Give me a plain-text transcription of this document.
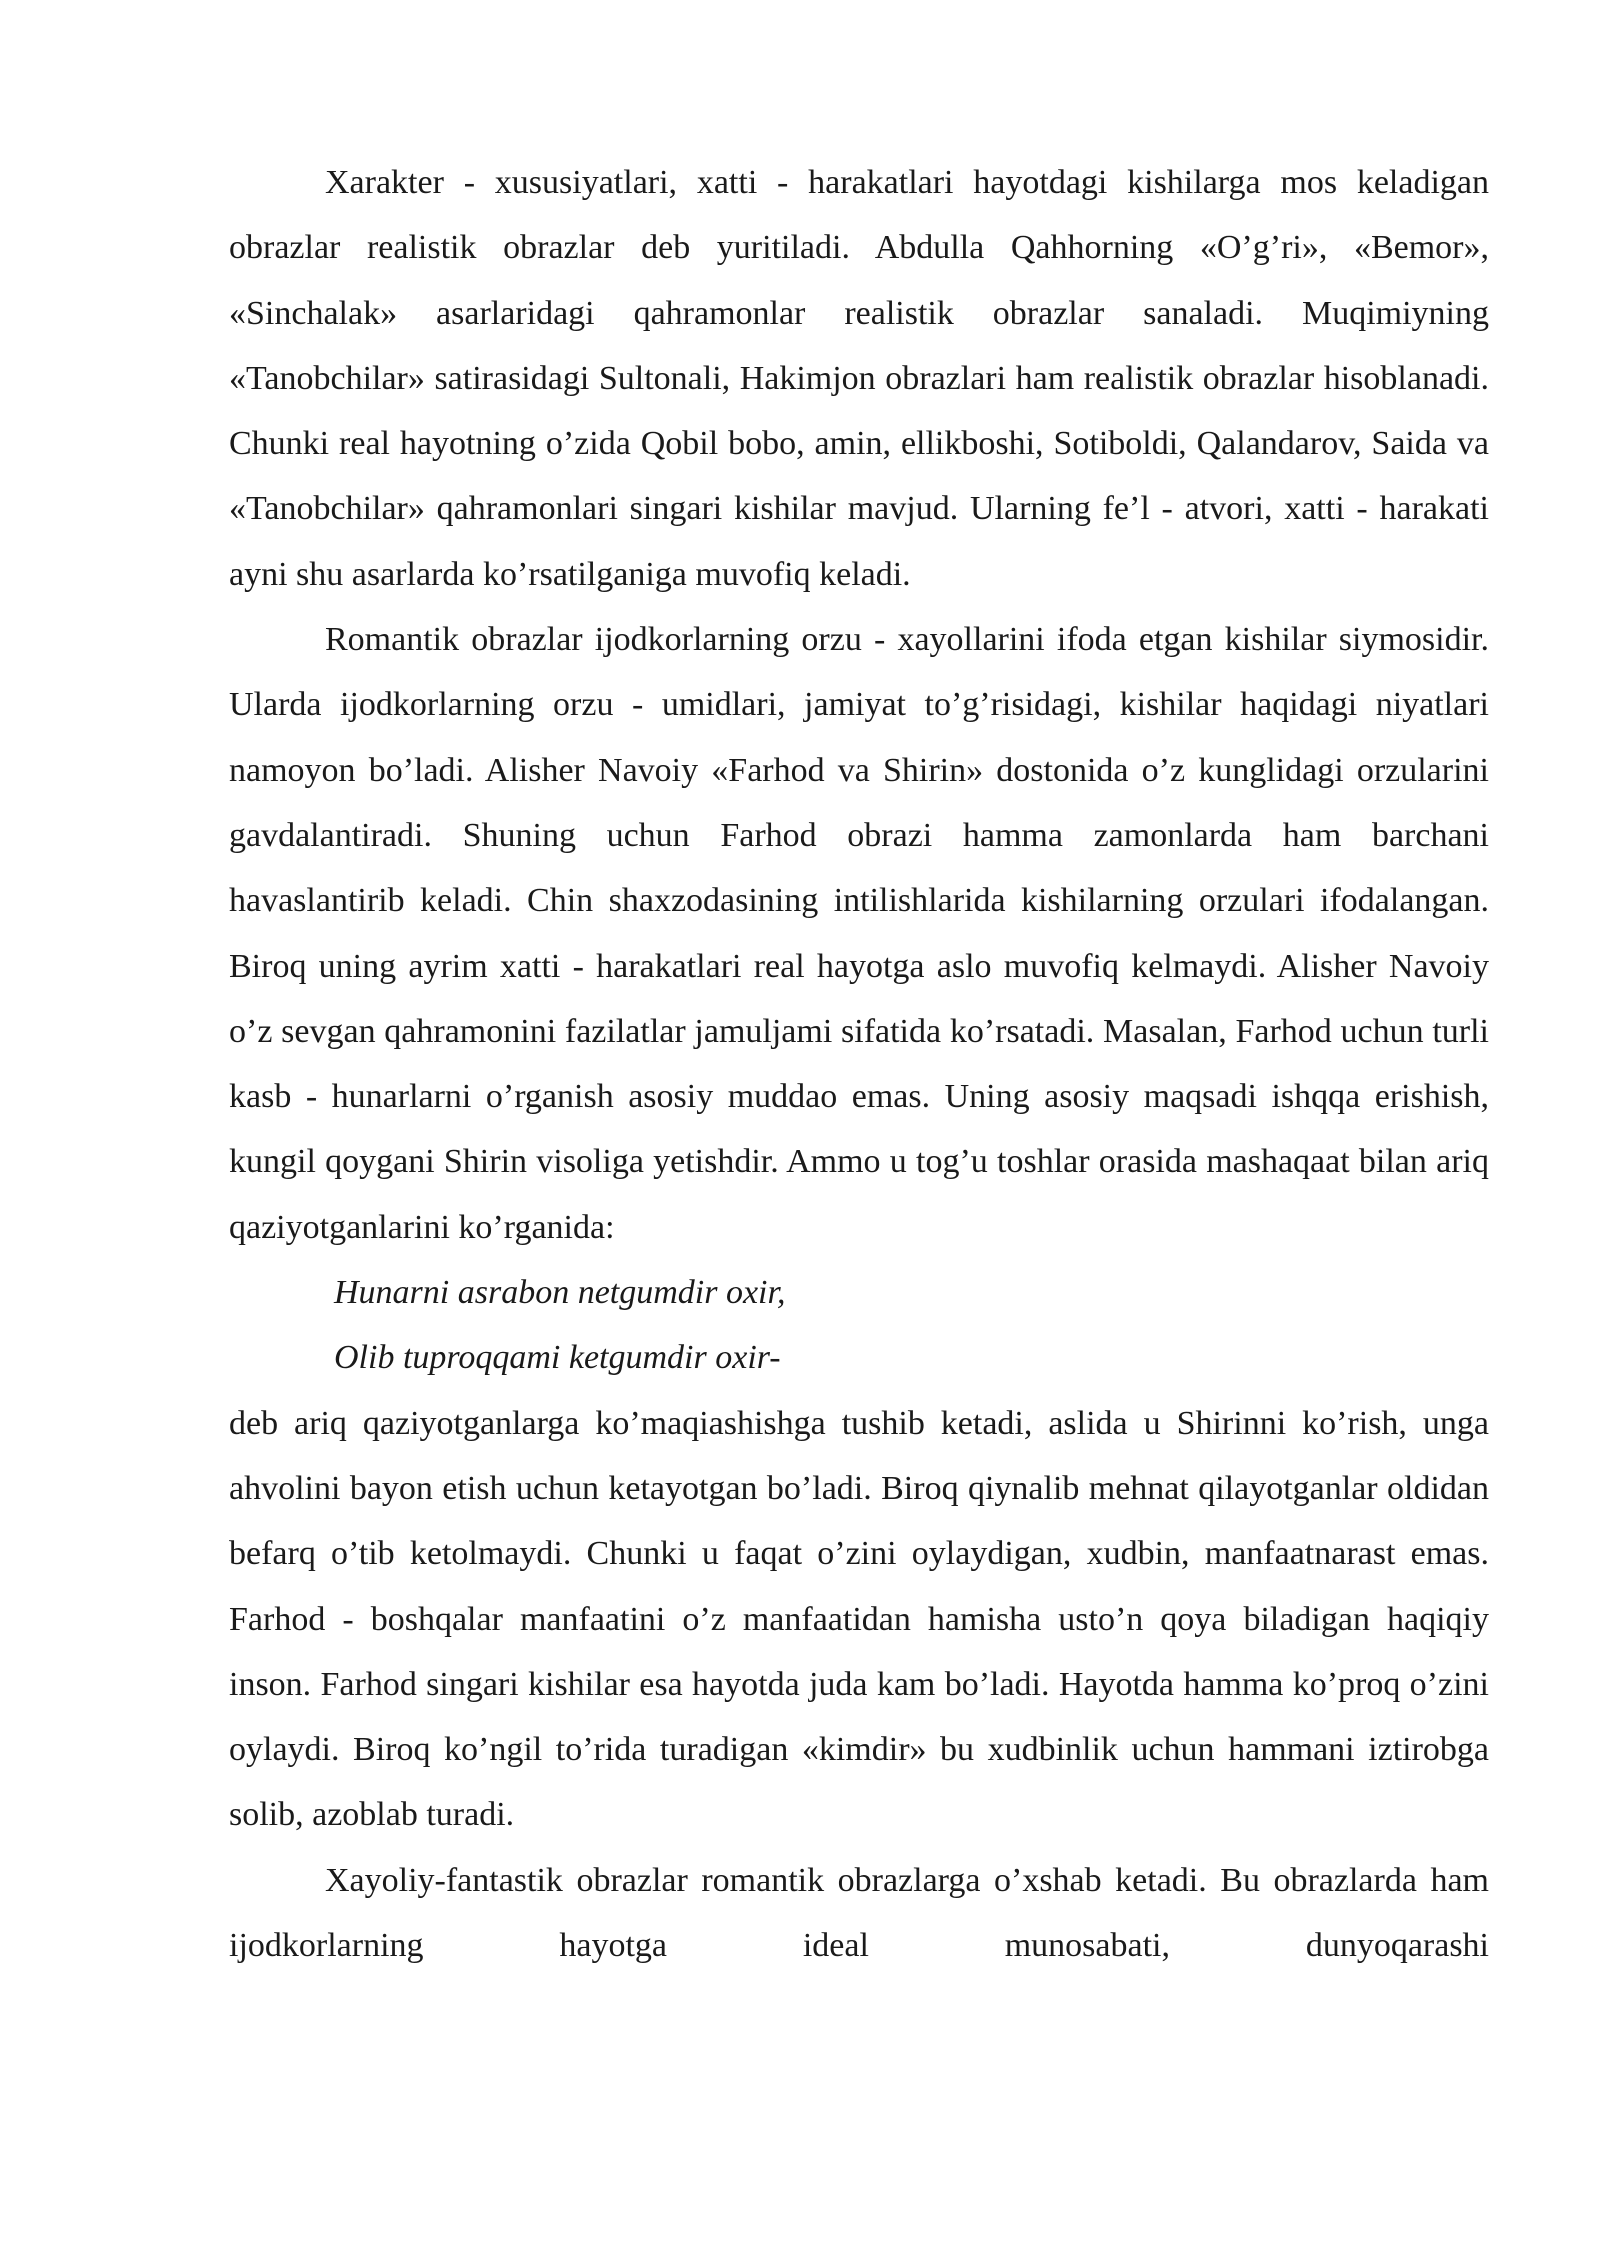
Xarakter - xususiyatlari, xatti - harakatlari hayotdagi kishilarga mos keladigan obrazlar realistik obrazlar deb yuritiladi. Abdulla Qahhorning «O’g’ri», «Bemor», «Sinchalak» asarlaridagi qahramonlar realistik obrazlar sanaladi. Muqimiyning «Tanobchilar» satirasidagi Sultonali, Hakimjon obrazlari ham realistik obrazlar hisoblanadi. Chunki real hayotning o’zida Qobil bobo, amin, ellikboshi, Sotiboldi, Qalandarov, Saida va «Tanobchilar» qahramonlari singari kishilar mavjud. Ularning fe’l - atvori, xatti - harakati ayni shu asarlarda ko’rsatilganiga muvofiq keladi.

Romantik obrazlar ijodkorlarning orzu - xayollarini ifoda etgan kishilar siymosidir. Ularda ijodkorlarning orzu - umidlari, jamiyat to’g’risidagi, kishilar haqidagi niyatlari namoyon bo’ladi. Alisher Navoiy «Farhod va Shirin» dostonida o’z kunglidagi orzularini gavdalantiradi. Shuning uchun Farhod obrazi hamma zamonlarda ham barchani havaslantirib keladi. Chin shaxzodasining intilishlarida kishilarning orzulari ifodalangan. Biroq uning ayrim xatti - harakatlari real hayotga aslo muvofiq kelmaydi. Alisher Navoiy o’z sevgan qahramonini fazilatlar jamuljami sifatida ko’rsatadi. Masalan, Farhod uchun turli kasb - hunarlarni o’rganish asosiy muddao emas. Uning asosiy maqsadi ishqqa erishish, kungil qoygani Shirin visoliga yetishdir. Ammo u tog’u toshlar orasida mashaqaat bilan ariq qaziyotganlarini ko’rganida:

Hunarni asrabon netgumdir oxir,

Olib tuproqqami ketgumdir oxir-

deb ariq qaziyotganlarga ko’maqiashishga tushib ketadi, aslida u Shirinni ko’rish, unga ahvolini bayon etish uchun ketayotgan bo’ladi. Biroq qiynalib mehnat qilayotganlar oldidan befarq o’tib ketolmaydi. Chunki u faqat o’zini oylaydigan, xudbin, manfaatnarast emas. Farhod - boshqalar manfaatini o’z manfaatidan hamisha usto’n qoya biladigan haqiqiy inson. Farhod singari kishilar esa hayotda juda kam bo’ladi. Hayotda hamma ko’proq o’zini oylaydi. Biroq ko’ngil to’rida turadigan «kimdir» bu xudbinlik uchun hammani iztirobga solib, azoblab turadi.

Xayoliy-fantastik obrazlar romantik obrazlarga o’xshab ketadi. Bu obrazlarda ham ijodkorlarning hayotga ideal munosabati, dunyoqarashi
